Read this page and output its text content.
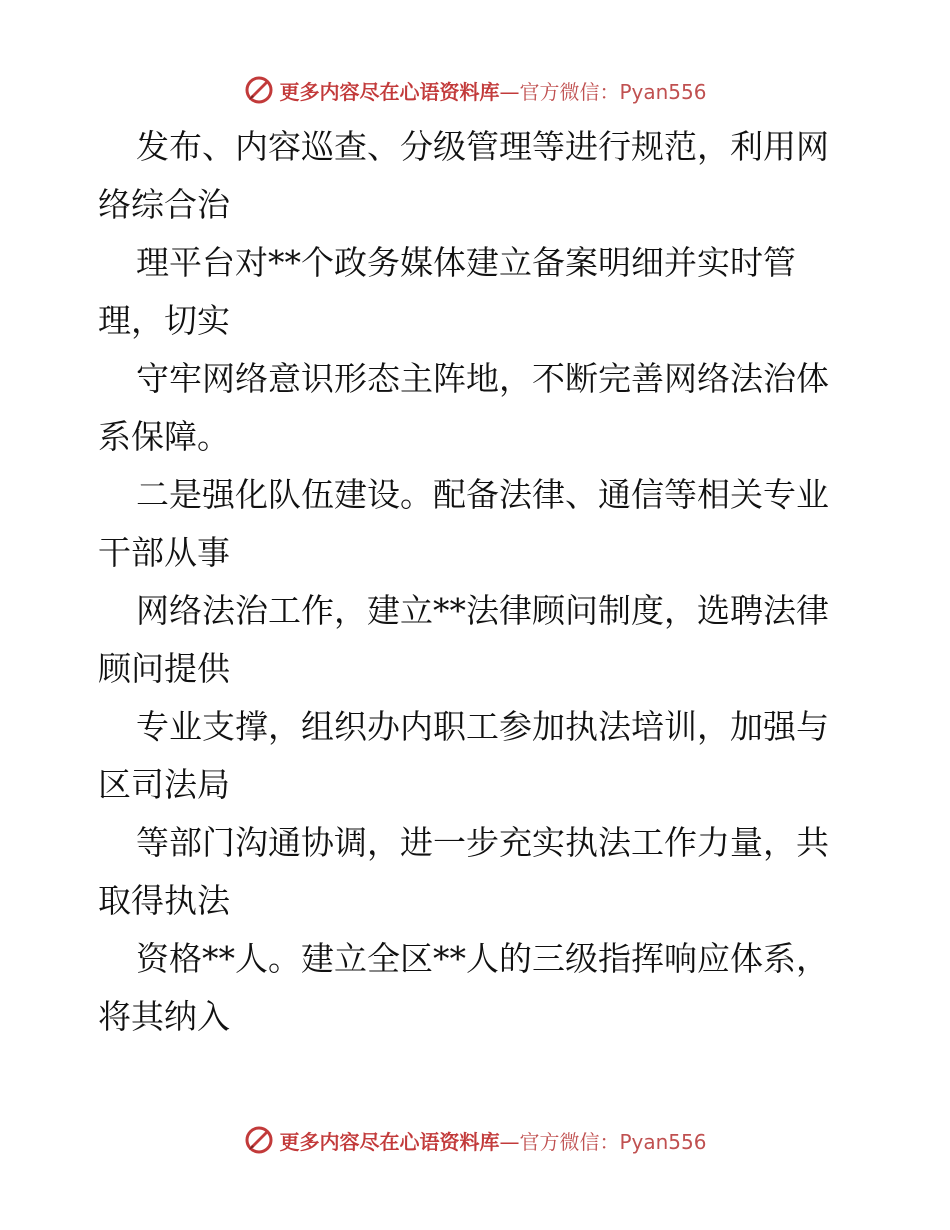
更多内容尽在心语资料库—官方微信：Pyan556

发布、内容巡查、分级管理等进行规范，利用网
络综合治

理平台对**个政务媒体建立备案明细并实时管
理，切实

守牢网络意识形态主阵地，不断完善网络法治体
系保障。

二是强化队伍建设。配备法律、通信等相关专业
干部从事

网络法治工作，建立**法律顾问制度，选聘法律
顾问提供

专业支撑，组织办内职工参加执法培训，加强与
区司法局

等部门沟通协调，进一步充实执法工作力量，共
取得执法

资格**人。建立全区**人的三级指挥响应体系，
将其纳入

更多内容尽在心语资料库—官方微信：Pyan556
